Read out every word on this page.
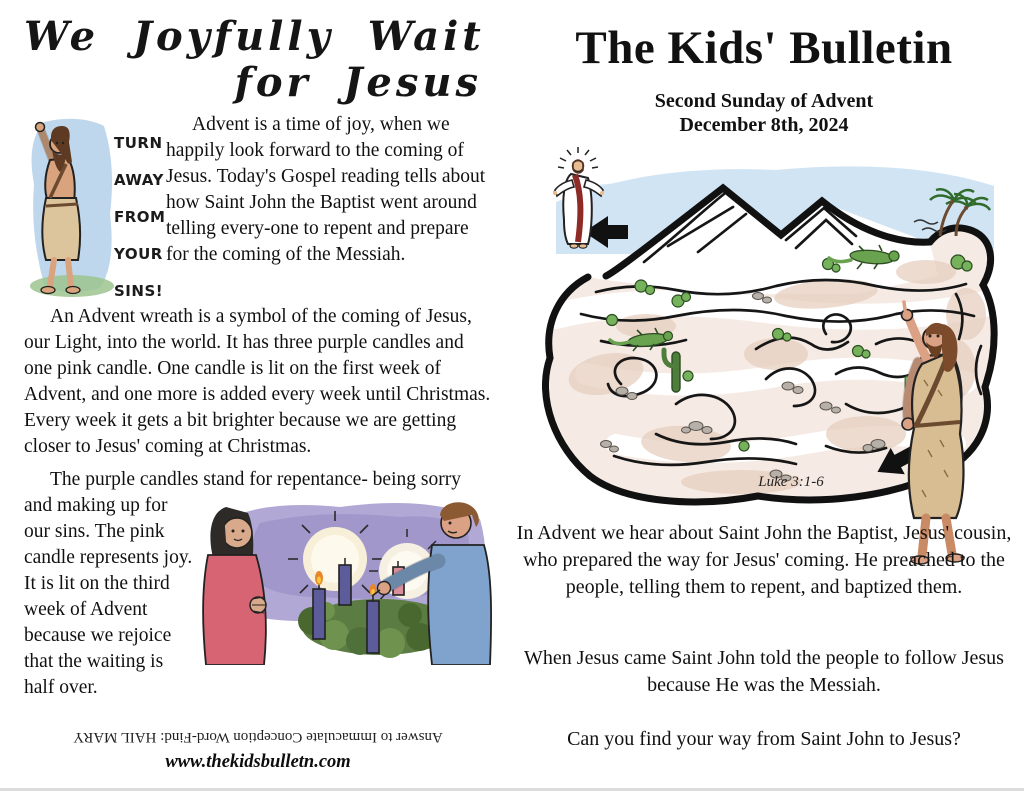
We Joyfully Wait
for Jesus
TURN
AWAY
FROM
YOUR
SINS!
Advent is a time of joy, when we happily look forward to the coming of Jesus. Today's Gospel reading tells about how Saint John the Baptist went around telling every-one to repent and prepare for the coming of the Messiah.
An Advent wreath is a symbol of the coming of Jesus, our Light, into the world. It has three purple candles and one pink candle. One candle is lit on the first week of Advent, and one more is added every week until Christmas. Every week it gets a bit brighter because we are getting closer to Jesus' coming at Christmas.
The purple candles stand for repentance- being sorry and making up for

our sins. The pink candle represents joy. It is lit on the third week of Advent because we rejoice that the waiting is half over.
Answer to Immaculate Conception Word-Find: HAIL MARY
www.thekidsbulletn.com
The Kids' Bulletin
Second Sunday of Advent
December 8th, 2024
Luke 3:1-6

In Advent we hear about Saint John the Baptist, Jesus' cousin, who prepared the way for Jesus' coming. He preached to the people, telling them to repent, and baptized them.

When Jesus came Saint John told the people to follow Jesus because He was the Messiah.

Can you find your way from Saint John to Jesus?
